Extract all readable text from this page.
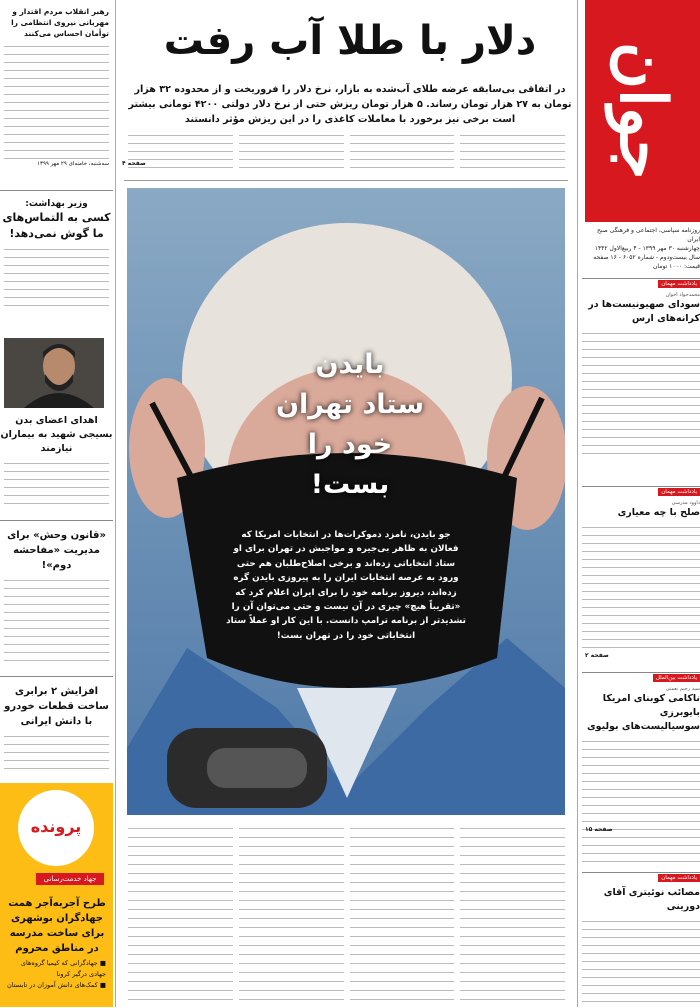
جوان
روزنامه سیاسی، اجتماعی و فرهنگی صبح ایران
چهارشنبه ۳۰ مهر ۱۳۹۹ - ۴ ربیع‌الاول ۱۴۴۲
سال بیست‌ودوم - شماره ۶۰۵۲ - ۱۶ صفحه
قیمت: ۱۰۰۰ تومان
دلار با طلا آب رفت
در اتفاقی بی‌سابقه عرضه طلای آب‌شده به بازار، نرخ دلار را فروریخت و از محدوده ۳۲ هزار تومان به ۲۷ هزار تومان رساند. ۵ هزار تومان ریزش حتی از نرخ دلار دولتی ۴۲۰۰ تومانی بیشتر است برخی نیز برخورد با معاملات کاغذی را در این ریزش مؤثر دانستند
بایدن
ستاد تهران خود را
بست!
جو بایدن، نامزد دموکرات‌ها در انتخابات امریکا که فعالان به ظاهر بی‌جیره و مواجبش در تهران برای او ستاد انتخاباتی زده‌اند و برخی اصلاح‌طلبان هم حتی ورود به عرصه انتخابات ایران را به پیروزی بایدن گره زده‌اند، دیروز برنامه خود را برای ایران اعلام کرد که «تقریباً هیچ» چیزی در آن نیست و حتی می‌توان آن را تشدیدتر از برنامه ترامپ دانست. با این کار او عملاً ستاد انتخاباتی خود را در تهران بست!
رهبر انقلاب مردم اقتدار و مهربانی نیروی انتظامی را توأمان احساس می‌کنند
سه‌شنبه، خامنه‌ای ۲۹ مهر ۱۳۹۹
وزیر بهداشت:
کسی به التماس‌های ما گوش نمی‌دهد!
اهدای اعضای بدن بسیجی شهید به بیماران نیازمند
«قانون وحش» برای مدیریت «مفاحشه دوم»!
افزایش ۲ برابری ساخت قطعات خودرو با دانش ایرانی
پرونده
جهاد خدمت‌رسانی
طرح آجربه‌آجر همت جهادگران بوشهری برای ساخت مدرسه در مناطق محروم
■ جهادگرانی که کیمیا گروه‌های جهادی درگیر کرونا
■ کمک‌های دانش آموزان در تابستان
یادداشت مهمان
محمدجواد اخوان
سودای صهیونیست‌ها در کرانه‌های ارس
یادداشت مهمان
داوود مدرسی
صلح با چه معیاری
یادداشت بین‌الملل
سید رحیم نعمتی
ناکامی کوبنای امریکا بایوبرزی سوسیالیست‌های بولیوی
یادداشت مهمان
مصائب نوئیتری آقای دورینی
صفحه ۴
صفحه ۲
صفحه ۱۵
